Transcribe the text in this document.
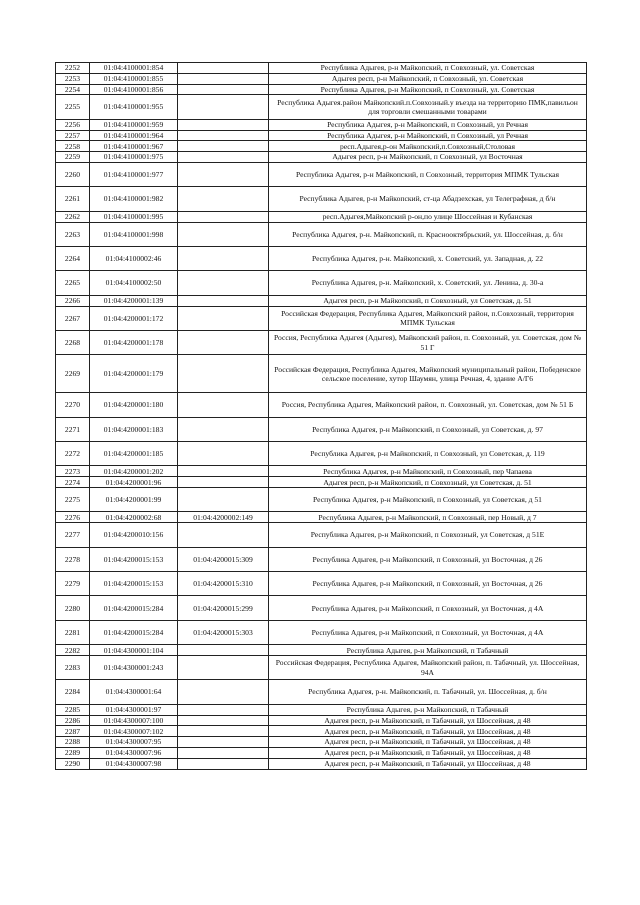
2252	01:04:4100001:854		Республика Адыгея, р-н Майкопский, п Совхозный, ул. Советская
2253	01:04:4100001:855		Адыгея респ, р-н Майкопский, п Совхозный, ул. Советская
2254	01:04:4100001:856		Республика Адыгея, р-н Майкопский, п Совхозный, ул. Советская
2255	01:04:4100001:955		Республика Адыгея.район Майкопский.п.Совхозный.у въезда на территорию ПМК,павильон для торговли смешанными товарами
2256	01:04:4100001:959		Республика Адыгея, р-н Майкопский, п Совхозный, ул Речная
2257	01:04:4100001:964		Республика Адыгея, р-н Майкопский, п Совхозный, ул Речная
2258	01:04:4100001:967		респ.Адыгея,р-он Майкопский,п.Совхозный,Столовая
2259	01:04:4100001:975		Адыгея респ, р-н Майкопский, п Совхозный, ул Восточная
2260	01:04:4100001:977		Республика Адыгея, р-н Майкопский, п Совхозный, территория МПМК Тульская
2261	01:04:4100001:982		Республика Адыгея, р-н Майкопский, ст-ца Абадзехская, ул Телеграфная, д б/н
2262	01:04:4100001:995		респ.Адыгея,Майкопский р-он,по улице Шоссейная и Кубанская
2263	01:04:4100001:998		Республика Адыгея, р-н. Майкопский, п. Краснооктябрьский, ул. Шоссейная, д. б/н
2264	01:04:4100002:46		Республика Адыгея, р-н. Майкопский, х. Советский, ул. Западная, д. 22
2265	01:04:4100002:50		Республика Адыгея, р-н. Майкопский, х. Советский, ул. Ленина, д. 30-а
2266	01:04:4200001:139		Адыгея респ, р-н Майкопский, п Совхозный, ул Советская, д. 51
2267	01:04:4200001:172		Российская Федерация, Республика Адыгея, Майкопский район, п.Совхозный, территория МПМК Тульская
2268	01:04:4200001:178		Россия, Республика Адыгея (Адыгея), Майкопский район, п. Совхозный, ул. Советская, дом № 51 Г
2269	01:04:4200001:179		Российская Федерация, Республика Адыгея, Майкопский муниципальный район, Победенское сельское поселение, хутор Шаумян, улица Речная, 4, здание А/Г6
2270	01:04:4200001:180		Россия, Республика Адыгея, Майкопский район, п. Совхозный, ул. Советская, дом № 51 Б
2271	01:04:4200001:183		Республика Адыгея, р-н Майкопский, п Совхозный, ул Советская, д. 97
2272	01:04:4200001:185		Республика Адыгея, р-н Майкопский, п Совхозный, ул Советская, д. 119
2273	01:04:4200001:202		Республика Адыгея, р-н Майкопский, п Совхозный, пер Чапаева
2274	01:04:4200001:96		Адыгея респ, р-н Майкопский, п Совхозный, ул Советская, д. 51
2275	01:04:4200001:99		Республика Адыгея, р-н Майкопский, п Совхозный, ул Советская, д 51
2276	01:04:4200002:68	01:04:4200002:149	Республика Адыгея, р-н Майкопский, п Совхозный, пер Новый, д 7
2277	01:04:4200010:156		Республика Адыгея, р-н Майкопский, п Совхозный, ул Советская, д 51Е
2278	01:04:4200015:153	01:04:4200015:309	Республика Адыгея, р-н Майкопский, п Совхозный, ул Восточная, д 26
2279	01:04:4200015:153	01:04:4200015:310	Республика Адыгея, р-н Майкопский, п Совхозный, ул Восточная, д 26
2280	01:04:4200015:284	01:04:4200015:299	Республика Адыгея, р-н Майкопский, п Совхозный, ул Восточная, д 4А
2281	01:04:4200015:284	01:04:4200015:303	Республика Адыгея, р-н Майкопский, п Совхозный, ул Восточная, д 4А
2282	01:04:4300001:104		Республика Адыгея, р-н Майкопский, п Табачный
2283	01:04:4300001:243		Российская Федерация, Республика Адыгея, Майкопский район, п. Табачный, ул. Шоссейная, 94А
2284	01:04:4300001:64		Республика Адыгея, р-н. Майкопский, п. Табачный, ул. Шоссейная, д. б/н
2285	01:04:4300001:97		Республика Адыгея, р-н Майкопский, п Табачный
2286	01:04:4300007:100		Адыгея респ, р-н Майкопский, п Табачный, ул Шоссейная, д 48
2287	01:04:4300007:102		Адыгея респ, р-н Майкопский, п Табачный, ул Шоссейная, д 48
2288	01:04:4300007:95		Адыгея респ, р-н Майкопский, п Табачный, ул Шоссейная, д 48
2289	01:04:4300007:96		Адыгея респ, р-н Майкопский, п Табачный, ул Шоссейная, д 48
2290	01:04:4300007:98		Адыгея респ, р-н Майкопский, п Табачный, ул Шоссейная, д 48
